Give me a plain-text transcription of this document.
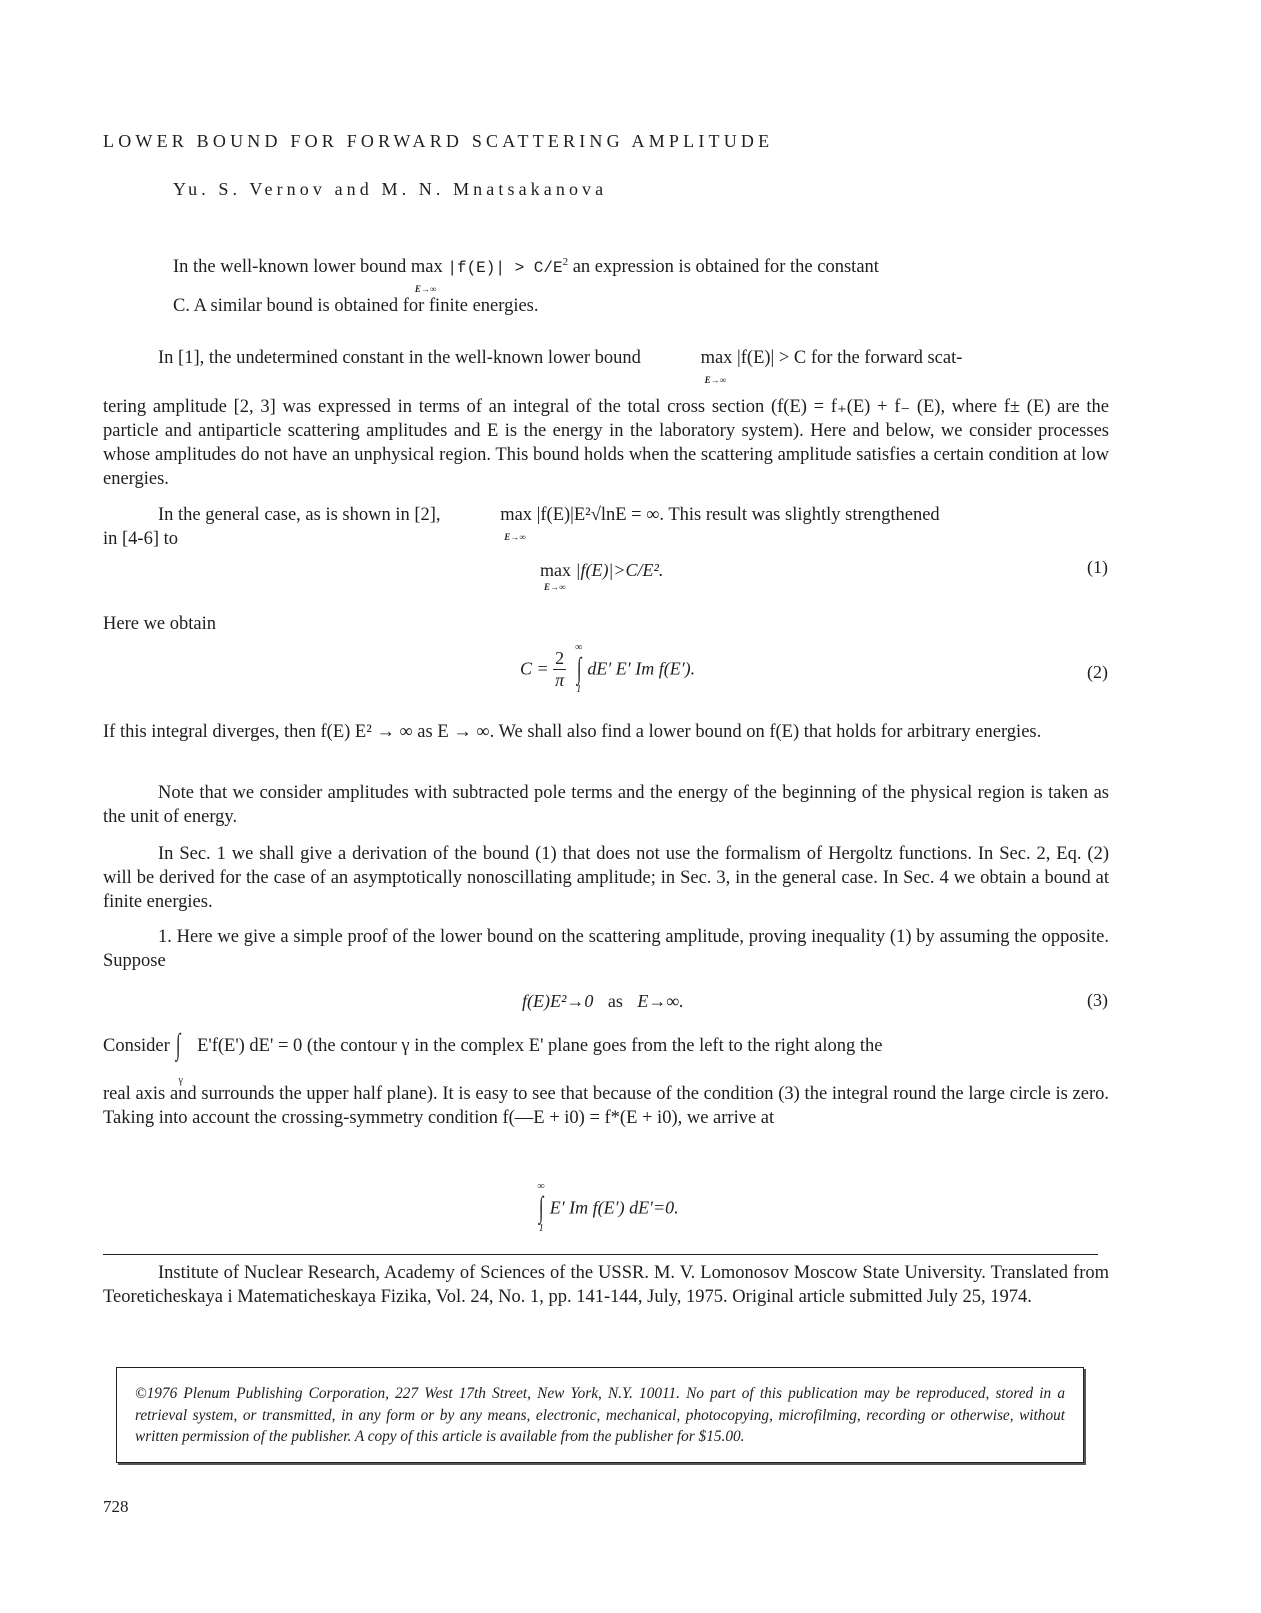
LOWER BOUND FOR FORWARD SCATTERING AMPLITUDE
Yu. S. Vernov and M. N. Mnatsakanova
In the well-known lower bound max
E→∞
$|f(E)| > C/E^2$ an expression is obtained for the constant
C. A similar bound is obtained for finite energies.
In [1], the undetermined constant in the well-known lower bound	max
E→∞
|f(E)| > C for the forward scat-
tering amplitude [2, 3] was expressed in terms of an integral of the total cross section (f(E) = f₊(E) + f₋ (E), where f± (E) are the particle and antiparticle scattering amplitudes and E is the energy in the laboratory system). Here and below, we consider processes whose amplitudes do not have an unphysical region. This bound holds when the scattering amplitude satisfies a certain condition at low energies.
In the general case, as is shown in [2],	max
E→∞
|f(E)|E²√lnE = ∞. This result was slightly strengthened
in [4-6] to
max
E→∞
|f(E)|>C/E².	(1)
Here we obtain
$C = \frac{2}{\pi}$
∞
∫
1
dE′ E′ Im f(E′).	(2)
If this integral diverges, then f(E) E² → ∞ as E → ∞. We shall also find a lower bound on f(E) that holds for arbitrary energies.
Note that we consider amplitudes with subtracted pole terms and the energy of the beginning of the physical region is taken as the unit of energy.
In Sec. 1 we shall give a derivation of the bound (1) that does not use the formalism of Hergoltz functions. In Sec. 2, Eq. (2) will be derived for the case of an asymptotically nonoscillating amplitude; in Sec. 3, in the general case. In Sec. 4 we obtain a bound at finite energies.
1. Here we give a simple proof of the lower bound on the scattering amplitude, proving inequality (1) by assuming the opposite. Suppose
f(E)E²→0 as E→∞.	(3)
Consider ∫
γ
E'f(E') dE' = 0 (the contour γ in the complex E' plane goes from the left to the right along the
real axis and surrounds the upper half plane). It is easy to see that because of the condition (3) the integral round the large circle is zero. Taking into account the crossing-symmetry condition f(—E + i0) = f*(E + i0), we arrive at
∞
∫
1
E′ Im f(E′) dE′=0.
Institute of Nuclear Research, Academy of Sciences of the USSR. M. V. Lomonosov Moscow State University. Translated from Teoreticheskaya i Matematicheskaya Fizika, Vol. 24, No. 1, pp. 141-144, July, 1975. Original article submitted July 25, 1974.
©1976 Plenum Publishing Corporation, 227 West 17th Street, New York, N.Y. 10011. No part of this publication may be reproduced, stored in a retrieval system, or transmitted, in any form or by any means, electronic, mechanical, photocopying, microfilming, recording or otherwise, without written permission of the publisher. A copy of this article is available from the publisher for $15.00.
728
